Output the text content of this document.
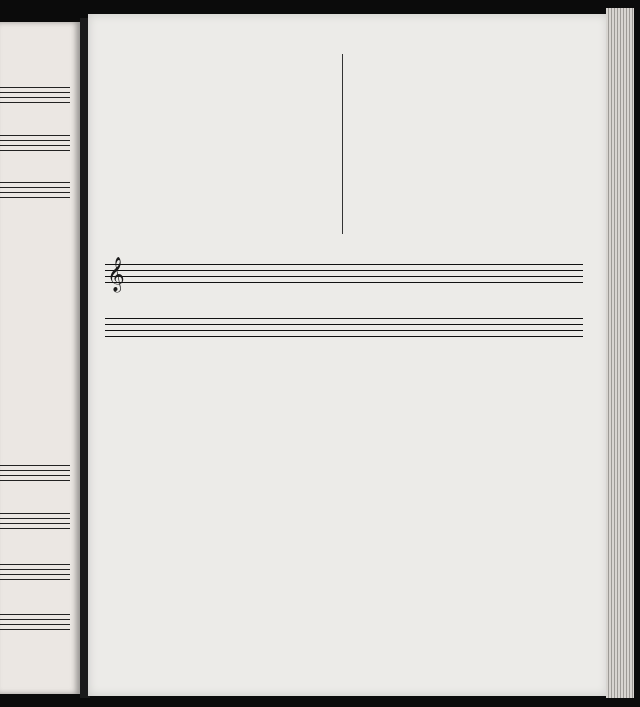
𝄞
